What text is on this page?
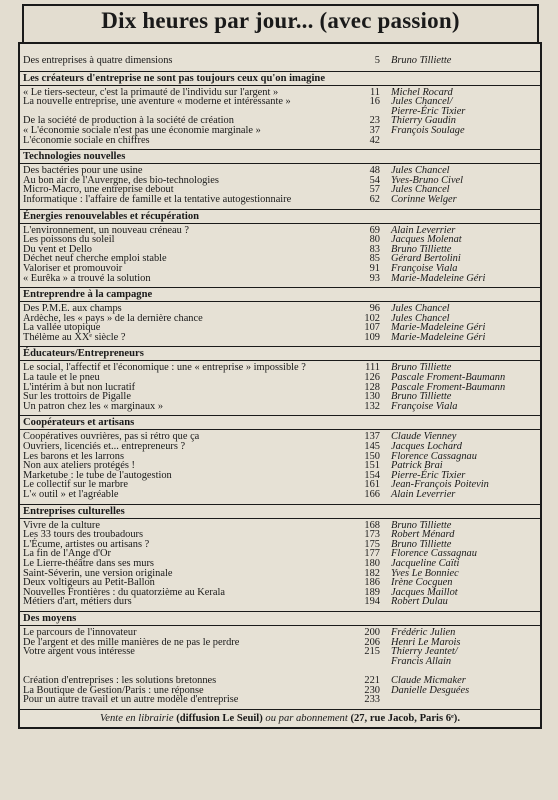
Dix heures par jour... (avec passion)
Des entreprises à quatre dimensions	5 Bruno Tilliette
Les créateurs d'entreprise ne sont pas toujours ceux qu'on imagine
« Le tiers-secteur, c'est la primauté de l'individu sur l'argent »	11 Michel Rocard
La nouvelle entreprise, une aventure « moderne et intéressante »	16 Jules Chancel/
Pierre-Éric Tixier
De la société de production à la société de création	23 Thierry Gaudin
« L'économie sociale n'est pas une économie marginale »	37 François Soulage
L'économie sociale en chiffres	42
Technologies nouvelles
Des bactéries pour une usine	48 Jules Chancel
Au bon air de l'Auvergne, des bio-technologies	54 Yves-Bruno Civel
Micro-Macro, une entreprise debout	57 Jules Chancel
Informatique : l'affaire de famille et la tentative autogestionnaire	62 Corinne Welger
Énergies renouvelables et récupération
L'environnement, un nouveau créneau ?	69 Alain Leverrier
Les poissons du soleil	80 Jacques Molenat
Du vent et Dello	83 Bruno Tilliette
Déchet neuf cherche emploi stable	85 Gérard Bertolini
Valoriser et promouvoir	91 Françoise Viala
« Eurêka » a trouvé la solution	93 Marie-Madeleine Géri
Entreprendre à la campagne
Des P.M.E. aux champs	96 Jules Chancel
Ardèche, les « pays » de la dernière chance	102 Jules Chancel
La vallée utopique	107 Marie-Madeleine Géri
Thélème au XXᵉ siècle ?	109 Marie-Madeleine Géri
Éducateurs/Entrepreneurs
Le social, l'affectif et l'économique : une « entreprise » impossible ?	111 Bruno Tilliette
La taule et le pneu	126 Pascale Froment-Baumann
L'intérim à but non lucratif	128 Pascale Froment-Baumann
Sur les trottoirs de Pigalle	130 Bruno Tilliette
Un patron chez les « marginaux »	132 Françoise Viala
Coopérateurs et artisans
Coopératives ouvrières, pas si rétro que ça	137 Claude Vienney
Ouvriers, licenciés et... entrepreneurs ?	145 Jacques Lochard
Les barons et les larrons	150 Florence Cassagnau
Non aux ateliers protégés !	151 Patrick Brai
Marketube : le tube de l'autogestion	154 Pierre-Éric Tixier
Le collectif sur le marbre	161 Jean-François Poitevin
L'« outil » et l'agréable	166 Alain Leverrier
Entreprises culturelles
Vivre de la culture	168 Bruno Tilliette
Les 33 tours des troubadours	173 Robert Ménard
L'Écume, artistes ou artisans ?	175 Bruno Tilliette
La fin de l'Ange d'Or	177 Florence Cassagnau
Le Lierre-théâtre dans ses murs	180 Jacqueline Caïti
Saint-Séverin, une version originale	182 Yves Le Bonniec
Deux voltigeurs au Petit-Ballon	186 Irène Cocguen
Nouvelles Frontières : du quatorzième au Kerala	189 Jacques Maillot
Métiers d'art, métiers durs	194 Robert Dulau
Des moyens
Le parcours de l'innovateur	200 Frédéric Julien
De l'argent et des mille manières de ne pas le perdre	206 Henri Le Marois
Votre argent vous intéresse	215 Thierry Jeantet/
Francis Allain
Création d'entreprises : les solutions bretonnes	221 Claude Micmaker
La Boutique de Gestion/Paris : une réponse	230 Danielle Desguées
Pour un autre travail et un autre modèle d'entreprise	233
Vente en librairie (diffusion Le Seuil) ou par abonnement (27, rue Jacob, Paris 6ᵉ).
